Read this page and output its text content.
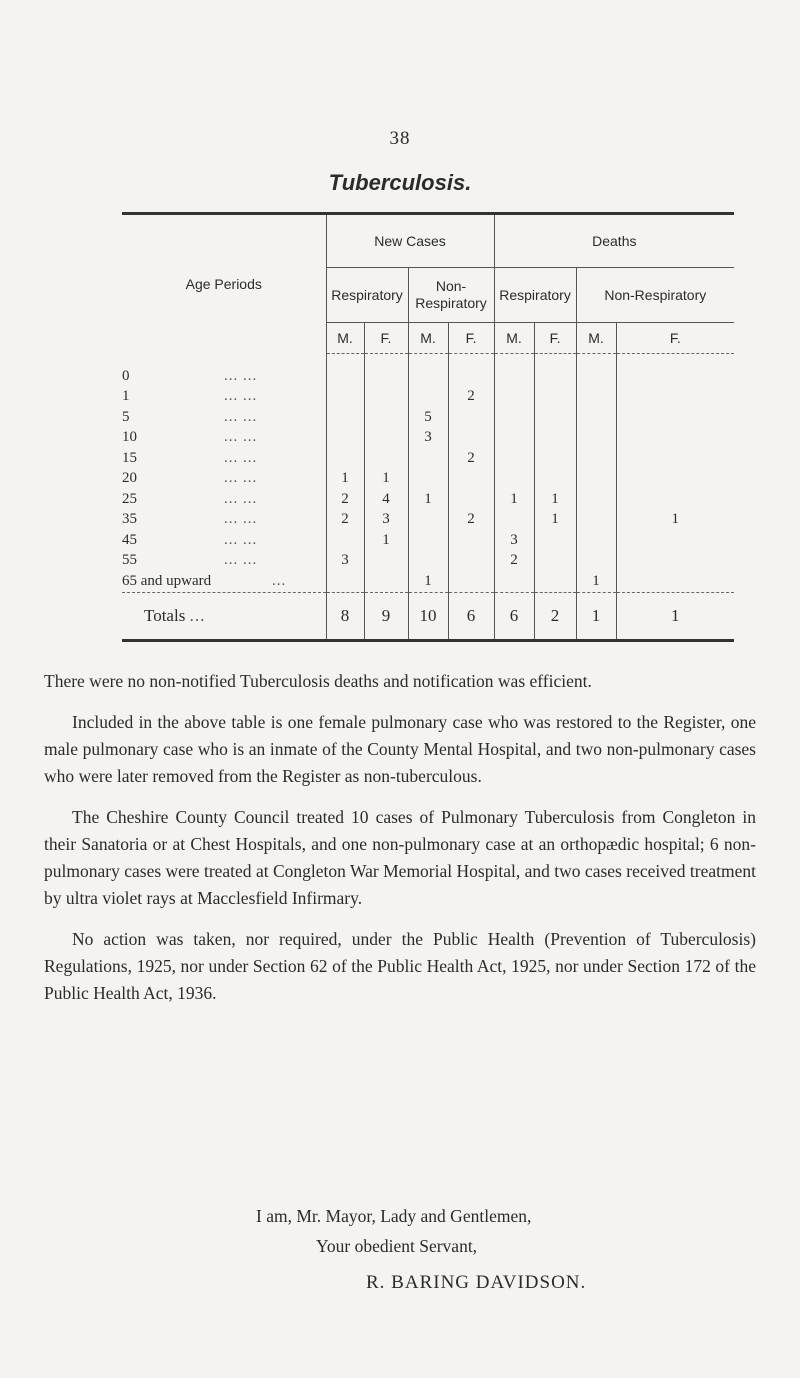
38
Tuberculosis.
Age Periods	New Cases				Deaths			
	Respiratory		Non-Respiratory		Respiratory		Non-Respiratory	
	M.	F.	M.	F.	M.	F.	M.	F.
0 ... ...								

1 ... ...				2				
5 ... ...			5					
10 ... ...			3					
15 ... ...				2				
20 ... ...	1	1						
25 ... ...	2	4	1		1	1		
35 ... ...	2	3		2		1		1
45 ... ...		1			3			
55 ... ...	3				2			
65 and upward ...			1				1	
Totals ...	8	9	10	6	6	2	1	1

There were no non-notified Tuberculosis deaths and notification was efficient.

Included in the above table is one female pulmonary case who was restored to the Register, one male pulmonary case who is an inmate of the County Mental Hospital, and two non-pulmonary cases who were later removed from the Register as non-tuberculous.

The Cheshire County Council treated 10 cases of Pulmonary Tuberculosis from Congleton in their Sanatoria or at Chest Hospitals, and one non-pulmonary case at an orthopædic hospital; 6 non-pulmonary cases were treated at Congleton War Memorial Hospital, and two cases received treatment by ultra violet rays at Macclesfield Infirmary.

No action was taken, nor required, under the Public Health (Prevention of Tuberculosis) Regulations, 1925, nor under Section 62 of the Public Health Act, 1925, nor under Section 172 of the Public Health Act, 1936.

I am, Mr. Mayor, Lady and Gentlemen,
Your obedient Servant,
R. BARING DAVIDSON.
